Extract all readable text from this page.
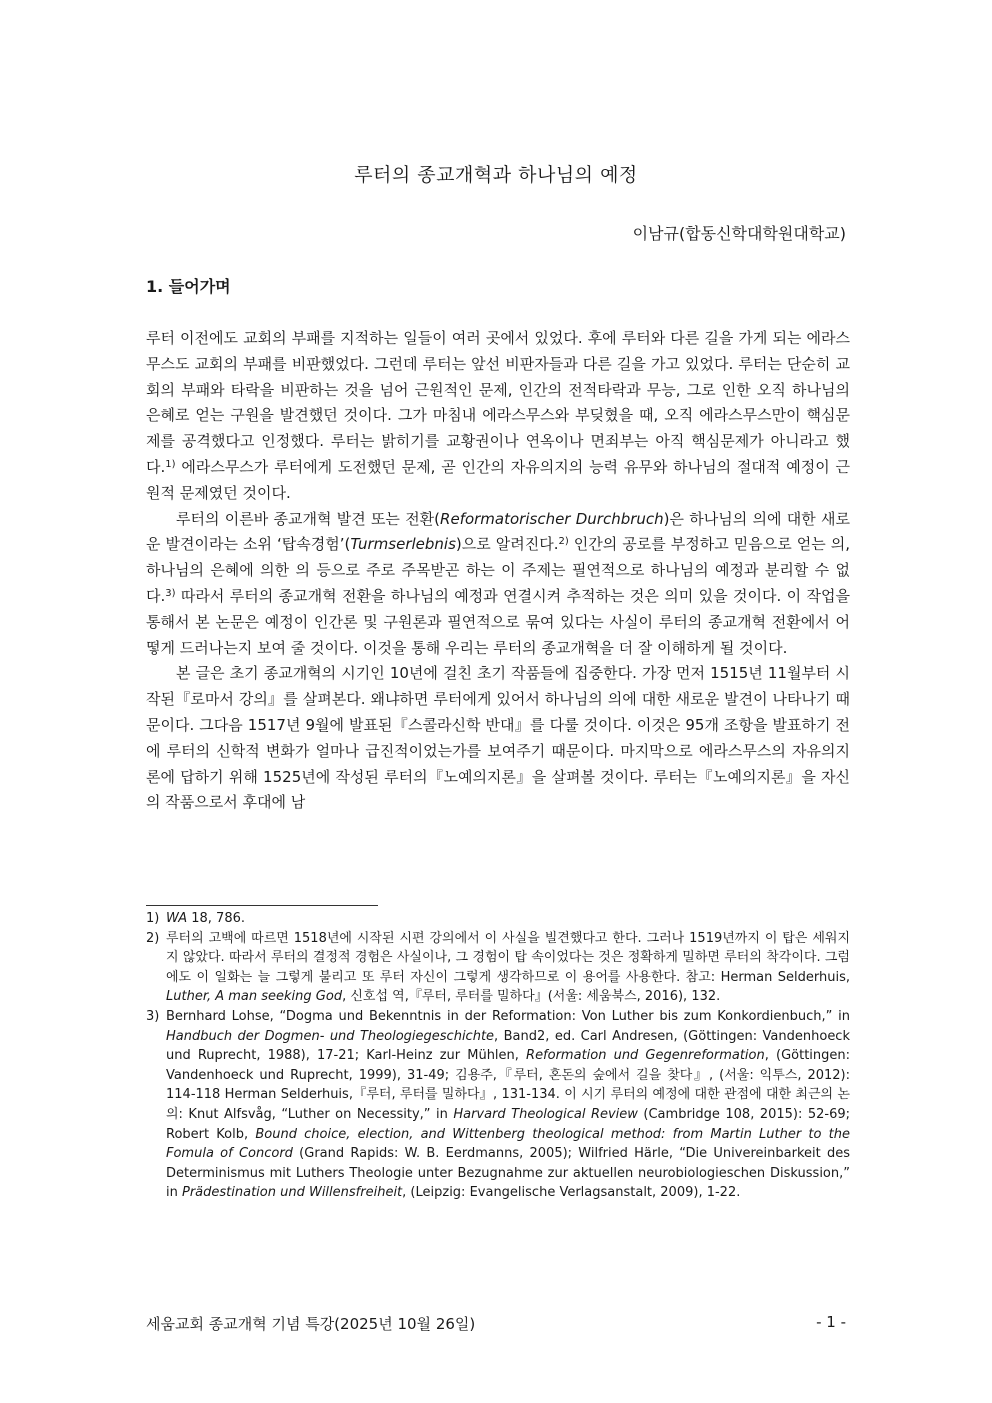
루터의 종교개혁과 하나님의 예정
이남규(합동신학대학원대학교)
1. 들어가며

루터 이전에도 교회의 부패를 지적하는 일들이 여러 곳에서 있었다. 후에 루터와 다른 길을 가게 되는 에라스무스도 교회의 부패를 비판했었다. 그런데 루터는 앞선 비판자들과 다른 길을 가고 있었다. 루터는 단순히 교회의 부패와 타락을 비판하는 것을 넘어 근원적인 문제, 인간의 전적타락과 무능, 그로 인한 오직 하나님의 은혜로 얻는 구원을 발견했던 것이다. 그가 마침내 에라스무스와 부딪혔을 때, 오직 에라스무스만이 핵심문제를 공격했다고 인정했다. 루터는 밝히기를 교황권이나 연옥이나 면죄부는 아직 핵심문제가 아니라고 했다.$^{1)}$ 에라스무스가 루터에게 도전했던 문제, 곧 인간의 자유의지의 능력 유무와 하나님의 절대적 예정이 근원적 문제였던 것이다.

루터의 이른바 종교개혁 발견 또는 전환(Reformatorischer Durchbruch)은 하나님의 의에 대한 새로운 발견이라는 소위 ‘탑속경험’(Turmserlebnis)으로 알려진다.$^{2)}$ 인간의 공로를 부정하고 믿음으로 얻는 의, 하나님의 은혜에 의한 의 등으로 주로 주목받곤 하는 이 주제는 필연적으로 하나님의 예정과 분리할 수 없다.$^{3)}$ 따라서 루터의 종교개혁 전환을 하나님의 예정과 연결시켜 추적하는 것은 의미 있을 것이다. 이 작업을 통해서 본 논문은 예정이 인간론 및 구원론과 필연적으로 묶여 있다는 사실이 루터의 종교개혁 전환에서 어떻게 드러나는지 보여 줄 것이다. 이것을 통해 우리는 루터의 종교개혁을 더 잘 이해하게 될 것이다.

본 글은 초기 종교개혁의 시기인 10년에 걸친 초기 작품들에 집중한다. 가장 먼저 1515년 11월부터 시작된『로마서 강의』를 살펴본다. 왜냐하면 루터에게 있어서 하나님의 의에 대한 새로운 발견이 나타나기 때문이다. 그다음 1517년 9월에 발표된『스콜라신학 반대』를 다룰 것이다. 이것은 95개 조항을 발표하기 전에 루터의 신학적 변화가 얼마나 급진적이었는가를 보여주기 때문이다. 마지막으로 에라스무스의 자유의지론에 답하기 위해 1525년에 작성된 루터의『노예의지론』을 살펴볼 것이다. 루터는『노예의지론』을 자신의 작품으로서 후대에 남

1) WA 18, 786.
2) 루터의 고백에 따르면 1518년에 시작된 시편 강의에서 이 사실을 빌견했다고 한다. 그러나 1519년까지 이 탑은 세워지지 않았다. 따라서 루터의 결정적 경험은 사실이나, 그 경험이 탑 속이었다는 것은 정확하게 밀하면 루터의 착각이다. 그럼에도 이 일화는 늘 그렇게 불리고 또 루터 자신이 그렇게 생각하므로 이 용어를 사용한다. 참고: Herman Selderhuis, Luther, A man seeking God, 신호섭 역,『루터, 루터를 밀하다』(서울: 세움북스, 2016), 132.
3) Bernhard Lohse, “Dogma und Bekenntnis in der Reformation: Von Luther bis zum Konkordienbuch,” in Handbuch der Dogmen- und Theologiegeschichte, Band2, ed. Carl Andresen, (Göttingen: Vandenhoeck und Ruprecht, 1988), 17-21; Karl-Heinz zur Mühlen, Reformation und Gegenreformation, (Göttingen: Vandenhoeck und Ruprecht, 1999), 31-49; 김용주,『루터, 혼돈의 숲에서 길을 찾다』, (서울: 익투스, 2012): 114-118 Herman Selderhuis,『루터, 루터를 밀하다』, 131-134. 이 시기 루터의 예정에 대한 관점에 대한 최근의 논의: Knut Alfsvåg, “Luther on Necessity,” in Harvard Theological Review (Cambridge 108, 2015): 52-69; Robert Kolb, Bound choice, election, and Wittenberg theological method: from Martin Luther to the Fomula of Concord (Grand Rapids: W. B. Eerdmanns, 2005); Wilfried Härle, “Die Univereinbarkeit des Determinismus mit Luthers Theologie unter Bezugnahme zur aktuellen neurobiologieschen Diskussion,” in Prädestination und Willensfreiheit, (Leipzig: Evangelische Verlagsanstalt, 2009), 1-22.
세움교회 종교개혁 기념 특강(2025년 10월 26일)	- 1 -
